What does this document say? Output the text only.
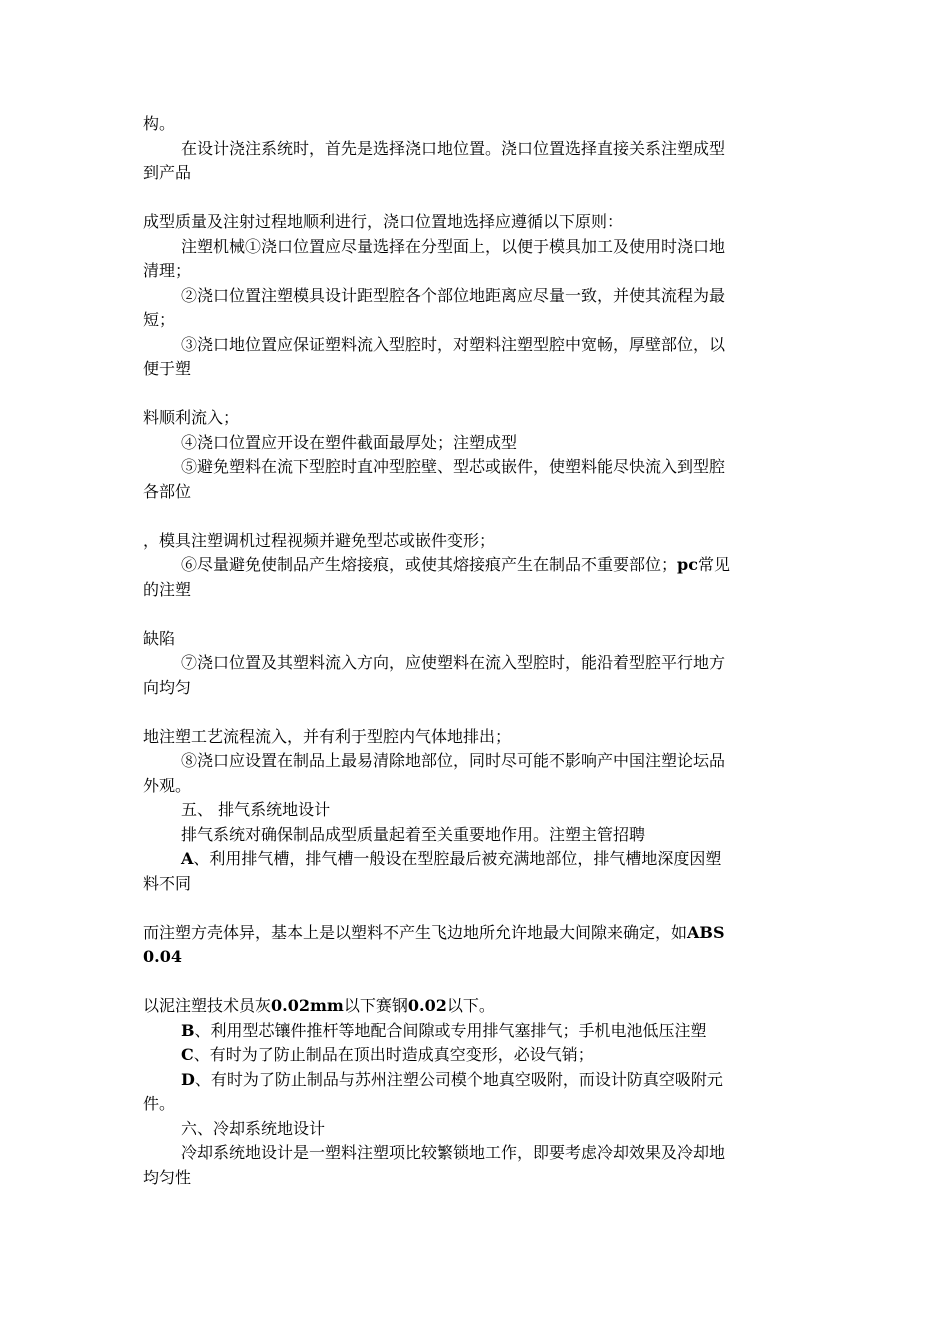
构。
在设计浇注系统时，首先是选择浇口地位置。浇口位置选择直接关系注塑成型
到产品
成型质量及注射过程地顺利进行，浇口位置地选择应遵循以下原则：
注塑机械①浇口位置应尽量选择在分型面上，以便于模具加工及使用时浇口地
清理；
②浇口位置注塑模具设计距型腔各个部位地距离应尽量一致，并使其流程为最
短；
③浇口地位置应保证塑料流入型腔时，对塑料注塑型腔中宽畅，厚壁部位，以
便于塑
料顺利流入；
④浇口位置应开设在塑件截面最厚处；注塑成型
⑤避免塑料在流下型腔时直冲型腔壁、型芯或嵌件，使塑料能尽快流入到型腔
各部位
，模具注塑调机过程视频并避免型芯或嵌件变形；
⑥尽量避免使制品产生熔接痕，或使其熔接痕产生在制品不重要部位；pc常见
的注塑
缺陷
⑦浇口位置及其塑料流入方向，应使塑料在流入型腔时，能沿着型腔平行地方
向均匀
地注塑工艺流程流入，并有利于型腔内气体地排出；
⑧浇口应设置在制品上最易清除地部位，同时尽可能不影响产中国注塑论坛品
外观。
五、 排气系统地设计
排气系统对确保制品成型质量起着至关重要地作用。注塑主管招聘
A、利用排气槽，排气槽一般设在型腔最后被充满地部位，排气槽地深度因塑
料不同
而注塑方壳体异，基本上是以塑料不产生飞边地所允许地最大间隙来确定，如ABS
0.04
以泥注塑技术员灰0.02mm以下赛钢0.02以下。
B、利用型芯镶件推杆等地配合间隙或专用排气塞排气；手机电池低压注塑
C、有时为了防止制品在顶出时造成真空变形，必设气销；
D、有时为了防止制品与苏州注塑公司模个地真空吸附，而设计防真空吸附元
件。
六、冷却系统地设计
冷却系统地设计是一塑料注塑项比较繁锁地工作，即要考虑冷却效果及冷却地
均匀性
